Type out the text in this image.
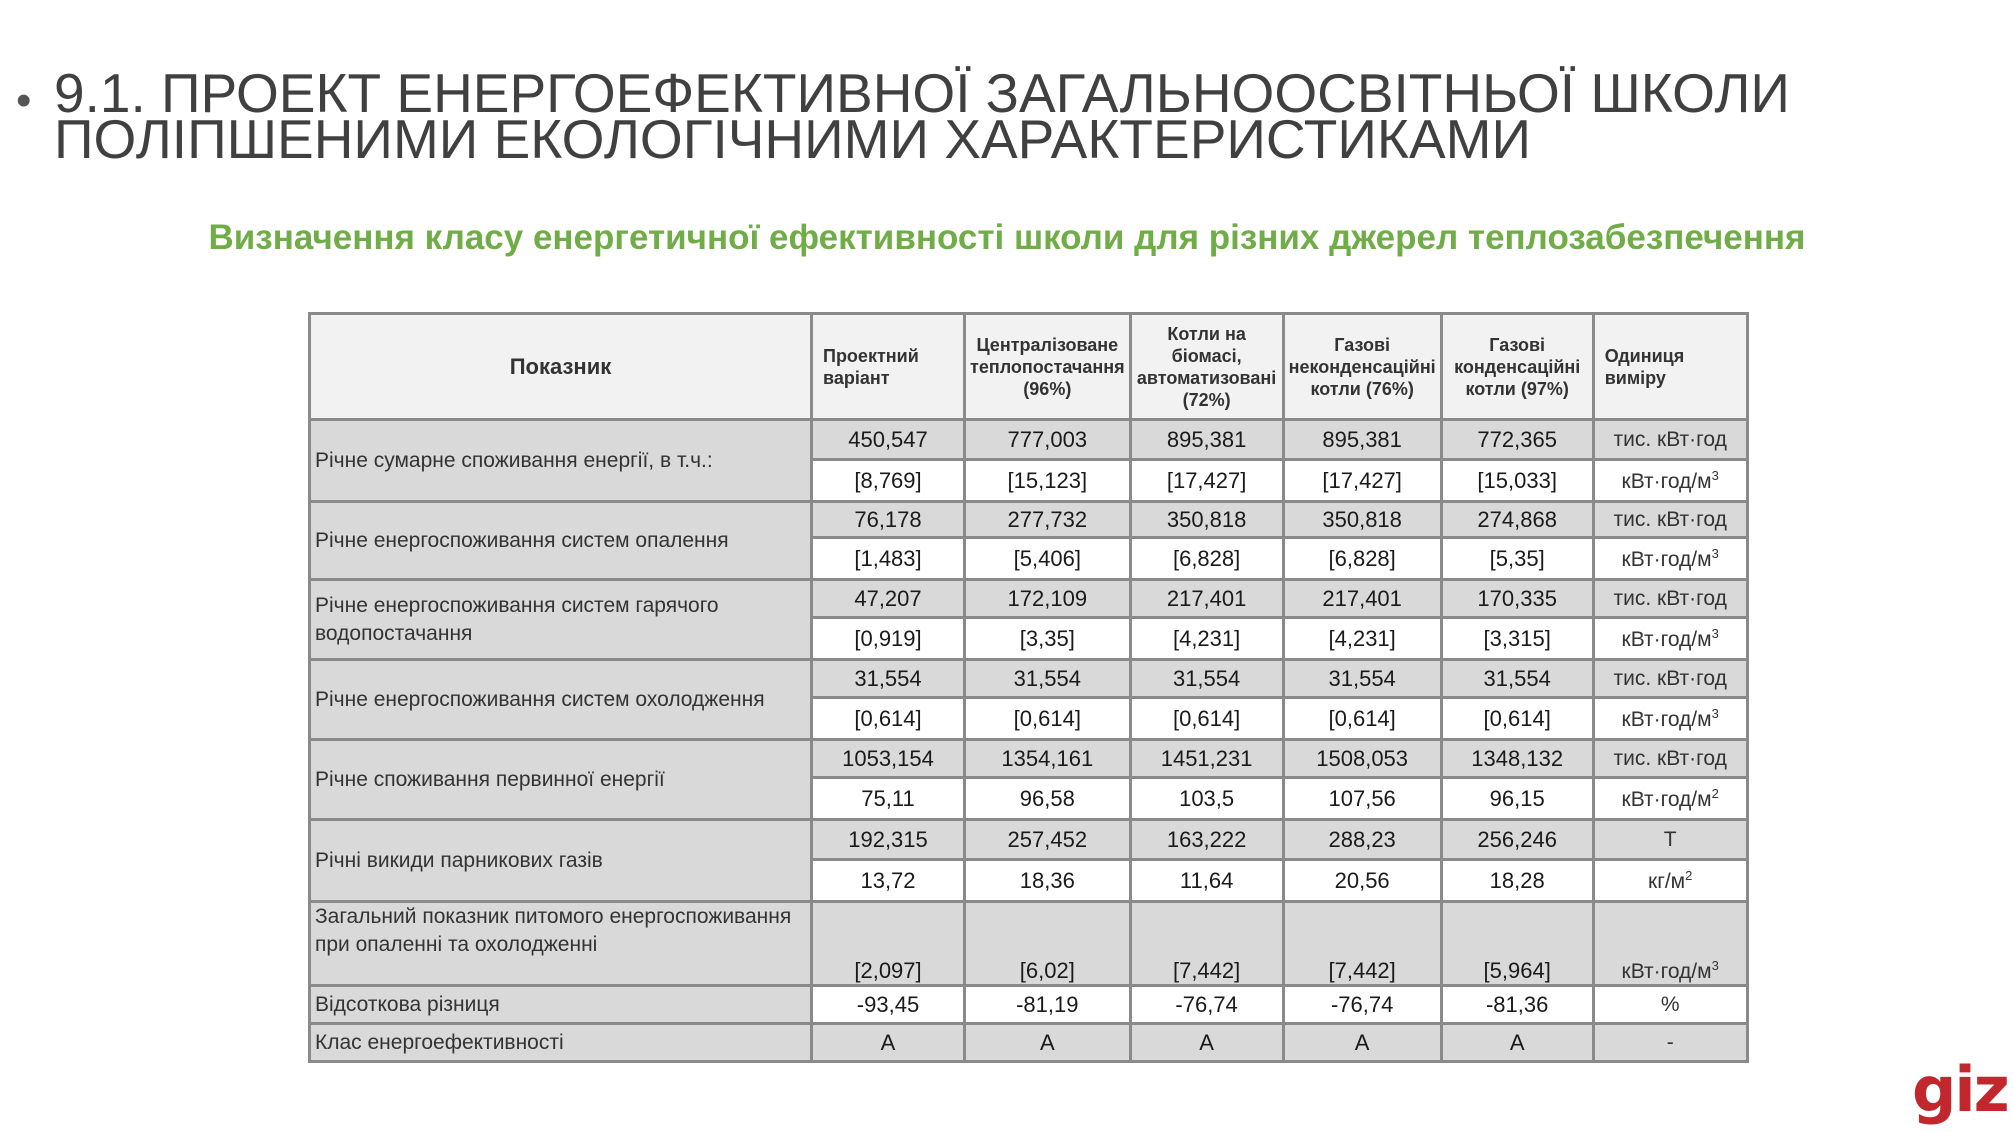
• 9.1. ПРОЕКТ ЕНЕРГОЕФЕКТИВНОЇ ЗАГАЛЬНООСВІТНЬОЇ ШКОЛИ
ПОЛІПШЕНИМИ ЕКОЛОГІЧНИМИ ХАРАКТЕРИСТИКАМИ
Визначення класу енергетичної ефективності школи для різних джерел теплозабезпечення
Показник	Проектний варіант	Централізоване теплопостачання (96%)	Котли на біомасі, автоматизовані (72%)	Газові неконденсаційні котли (76%)	Газові конденсаційні котли (97%)	Одиниця виміру
Річне сумарне споживання енергії, в т.ч.:	450,547	777,003	895,381	895,381	772,365	тис. кВт·год
	[8,769]	[15,123]	[17,427]	[17,427]	[15,033]	$кВт\cdot год/м^3$
Річне енергоспоживання систем опалення	76,178	277,732	350,818	350,818	274,868	тис. кВт·год
	[1,483]	[5,406]	[6,828]	[6,828]	[5,35]	$кВт\cdot год/м^3$
Річне енергоспоживання систем гарячого водопостачання	47,207	172,109	217,401	217,401	170,335	тис. кВт·год
	[0,919]	[3,35]	[4,231]	[4,231]	[3,315]	$кВт\cdot год/м^3$
Річне енергоспоживання систем охолодження	31,554	31,554	31,554	31,554	31,554	тис. кВт·год
	[0,614]	[0,614]	[0,614]	[0,614]	[0,614]	$кВт\cdot год/м^3$
Річне споживання первинної енергії	1053,154	1354,161	1451,231	1508,053	1348,132	тис. кВт·год
	75,11	96,58	103,5	107,56	96,15	$кВт\cdot год/м^2$
Річні викиди парникових газів	192,315	257,452	163,222	288,23	256,246	Т
	13,72	18,36	11,64	20,56	18,28	$кг/м^2$
Загальний показник питомого енергоспоживання при опаленні та охолодженні	[2,097]	[6,02]	[7,442]	[7,442]	[5,964]	$кВт\cdot год/м^3$
Відсоткова різниця	-93,45	-81,19	-76,74	-76,74	-81,36	%
Клас енергоефективності	A	A	A	A	A	-
giz
